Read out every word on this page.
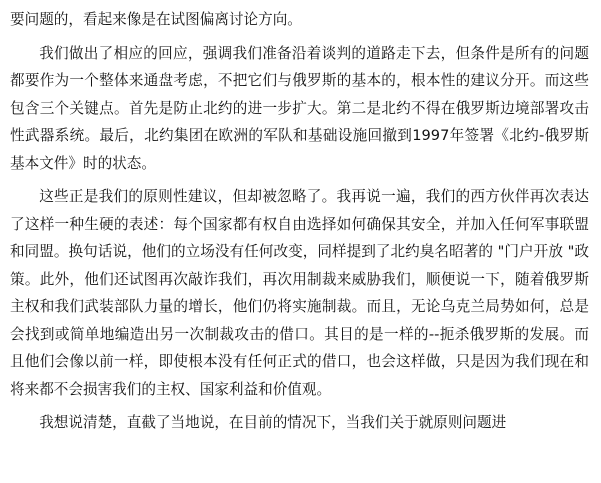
要问题的，看起来像是在试图偏离讨论方向。

我们做出了相应的回应，强调我们准备沿着谈判的道路走下去，但条件是所有的问题都要作为一个整体来通盘考虑，不把它们与俄罗斯的基本的，根本性的建议分开。而这些包含三个关键点。首先是防止北约的进一步扩大。第二是北约不得在俄罗斯边境部署攻击性武器系统。最后，北约集团在欧洲的军队和基础设施回撤到1997年签署《北约-俄罗斯基本文件》时的状态。

这些正是我们的原则性建议，但却被忽略了。我再说一遍，我们的西方伙伴再次表达了这样一种生硬的表述：每个国家都有权自由选择如何确保其安全，并加入任何军事联盟和同盟。换句话说，他们的立场没有任何改变，同样提到了北约臭名昭著的 "门户开放 "政策。此外，他们还试图再次敲诈我们，再次用制裁来威胁我们，顺便说一下，随着俄罗斯主权和我们武装部队力量的增长，他们仍将实施制裁。而且，无论乌克兰局势如何，总是会找到或简单地编造出另一次制裁攻击的借口。其目的是一样的--扼杀俄罗斯的发展。而且他们会像以前一样，即使根本没有任何正式的借口，也会这样做，只是因为我们现在和将来都不会损害我们的主权、国家利益和价值观。

我想说清楚，直截了当地说，在目前的情况下，当我们关于就原则问题进
